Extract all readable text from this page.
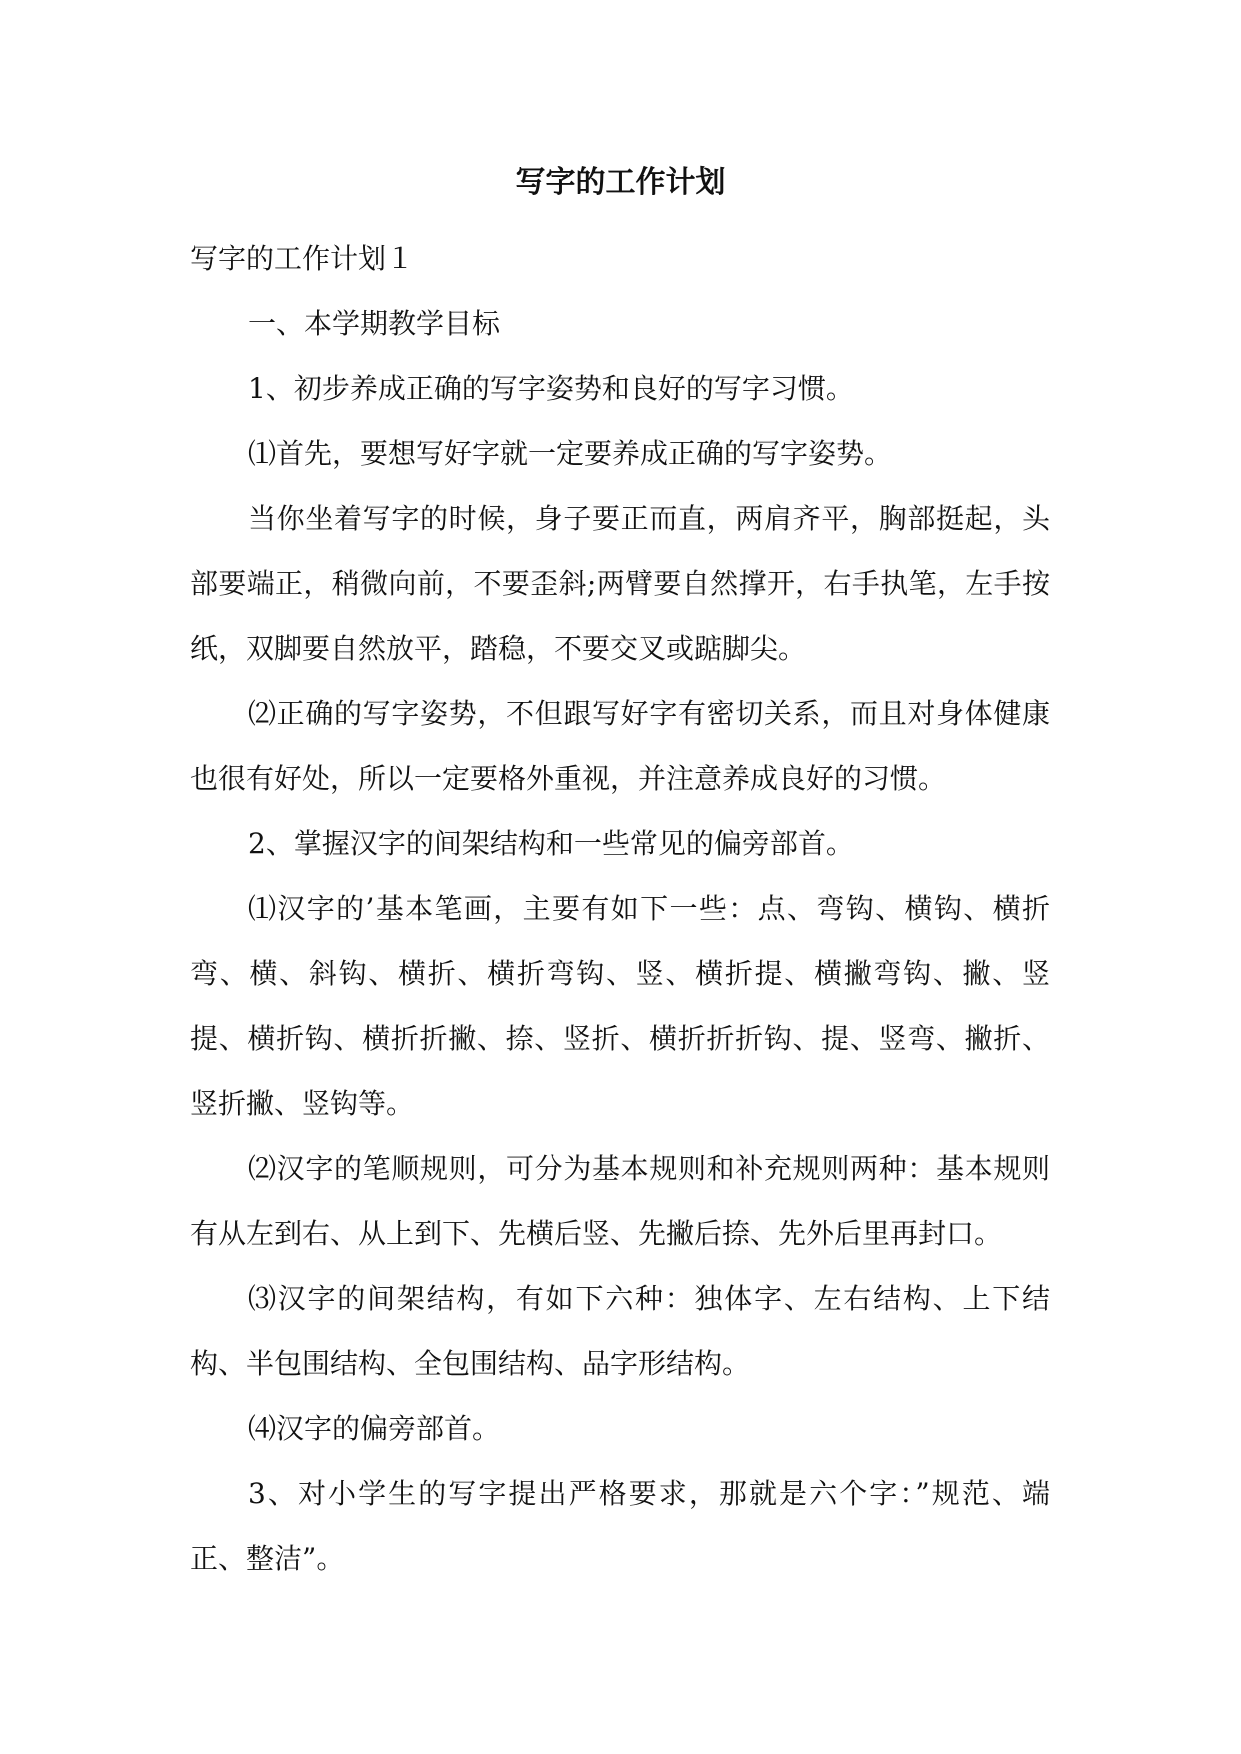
写字的工作计划

写字的工作计划１

一、本学期教学目标

1、初步养成正确的写字姿势和良好的写字习惯。

⑴首先，要想写好字就一定要养成正确的写字姿势。

当你坐着写字的时候，身子要正而直，两肩齐平，胸部挺起，头部要端正，稍微向前，不要歪斜;两臂要自然撑开，右手执笔，左手按纸，双脚要自然放平，踏稳，不要交叉或踮脚尖。

⑵正确的写字姿势，不但跟写好字有密切关系，而且对身体健康也很有好处，所以一定要格外重视，并注意养成良好的习惯。

2、掌握汉字的间架结构和一些常见的偏旁部首。

⑴汉字的’基本笔画，主要有如下一些：点、弯钩、横钩、横折弯、横、斜钩、横折、横折弯钩、竖、横折提、横撇弯钩、撇、竖提、横折钩、横折折撇、捺、竖折、横折折折钩、提、竖弯、撇折、竖折撇、竖钩等。

⑵汉字的笔顺规则，可分为基本规则和补充规则两种：基本规则有从左到右、从上到下、先横后竖、先撇后捺、先外后里再封口。

⑶汉字的间架结构，有如下六种：独体字、左右结构、上下结构、半包围结构、全包围结构、品字形结构。

⑷汉字的偏旁部首。

3、对小学生的写字提出严格要求，那就是六个字：”规范、端正、整洁”。
